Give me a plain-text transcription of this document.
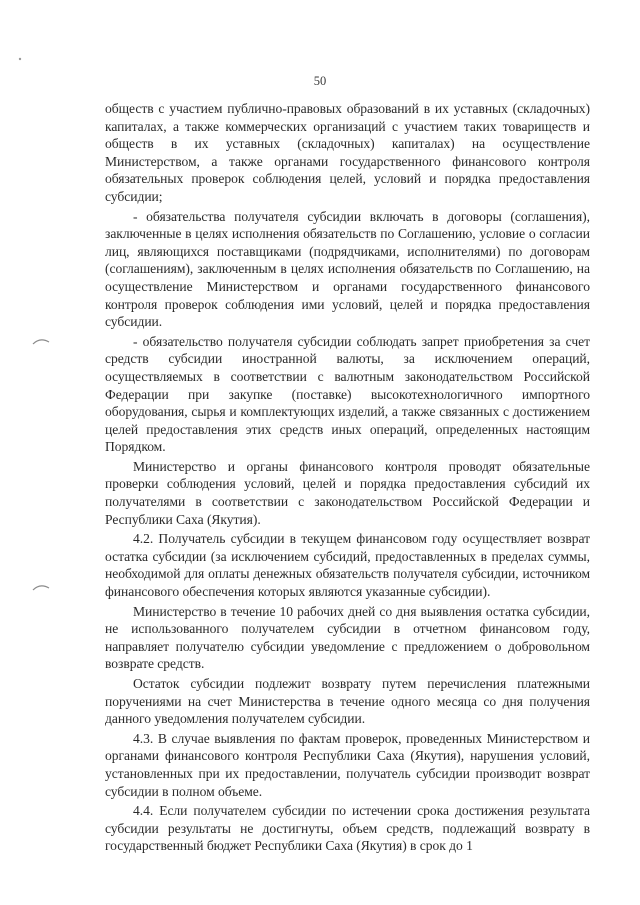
50

обществ с участием публично-правовых образований в их уставных (складочных) капиталах, а также коммерческих организаций с участием таких товариществ и обществ в их уставных (складочных) капиталах) на осуществление Министерством, а также органами государственного финансового контроля обязательных проверок соблюдения целей, условий и порядка предоставления субсидии;

- обязательства получателя субсидии включать в договоры (соглашения), заключенные в целях исполнения обязательств по Соглашению, условие о согласии лиц, являющихся поставщиками (подрядчиками, исполнителями) по договорам (соглашениям), заключенным в целях исполнения обязательств по Соглашению, на осуществление Министерством и органами государственного финансового контроля проверок соблюдения ими условий, целей и порядка предоставления субсидии.

- обязательство получателя субсидии соблюдать запрет приобретения за счет средств субсидии иностранной валюты, за исключением операций, осуществляемых в соответствии с валютным законодательством Российской Федерации при закупке (поставке) высокотехнологичного импортного оборудования, сырья и комплектующих изделий, а также связанных с достижением целей предоставления этих средств иных операций, определенных настоящим Порядком.

Министерство и органы финансового контроля проводят обязательные проверки соблюдения условий, целей и порядка предоставления субсидий их получателями в соответствии с законодательством Российской Федерации и Республики Саха (Якутия).

4.2. Получатель субсидии в текущем финансовом году осуществляет возврат остатка субсидии (за исключением субсидий, предоставленных в пределах суммы, необходимой для оплаты денежных обязательств получателя субсидии, источником финансового обеспечения которых являются указанные субсидии).

Министерство в течение 10 рабочих дней со дня выявления остатка субсидии, не использованного получателем субсидии в отчетном финансовом году, направляет получателю субсидии уведомление с предложением о добровольном возврате средств.

Остаток субсидии подлежит возврату путем перечисления платежными поручениями на счет Министерства в течение одного месяца со дня получения данного уведомления получателем субсидии.

4.3. В случае выявления по фактам проверок, проведенных Министерством и органами финансового контроля Республики Саха (Якутия), нарушения условий, установленных при их предоставлении, получатель субсидии производит возврат субсидии в полном объеме.

4.4. Если получателем субсидии по истечении срока достижения результата субсидии результаты не достигнуты, объем средств, подлежащий возврату в государственный бюджет Республики Саха (Якутия) в срок до 1
